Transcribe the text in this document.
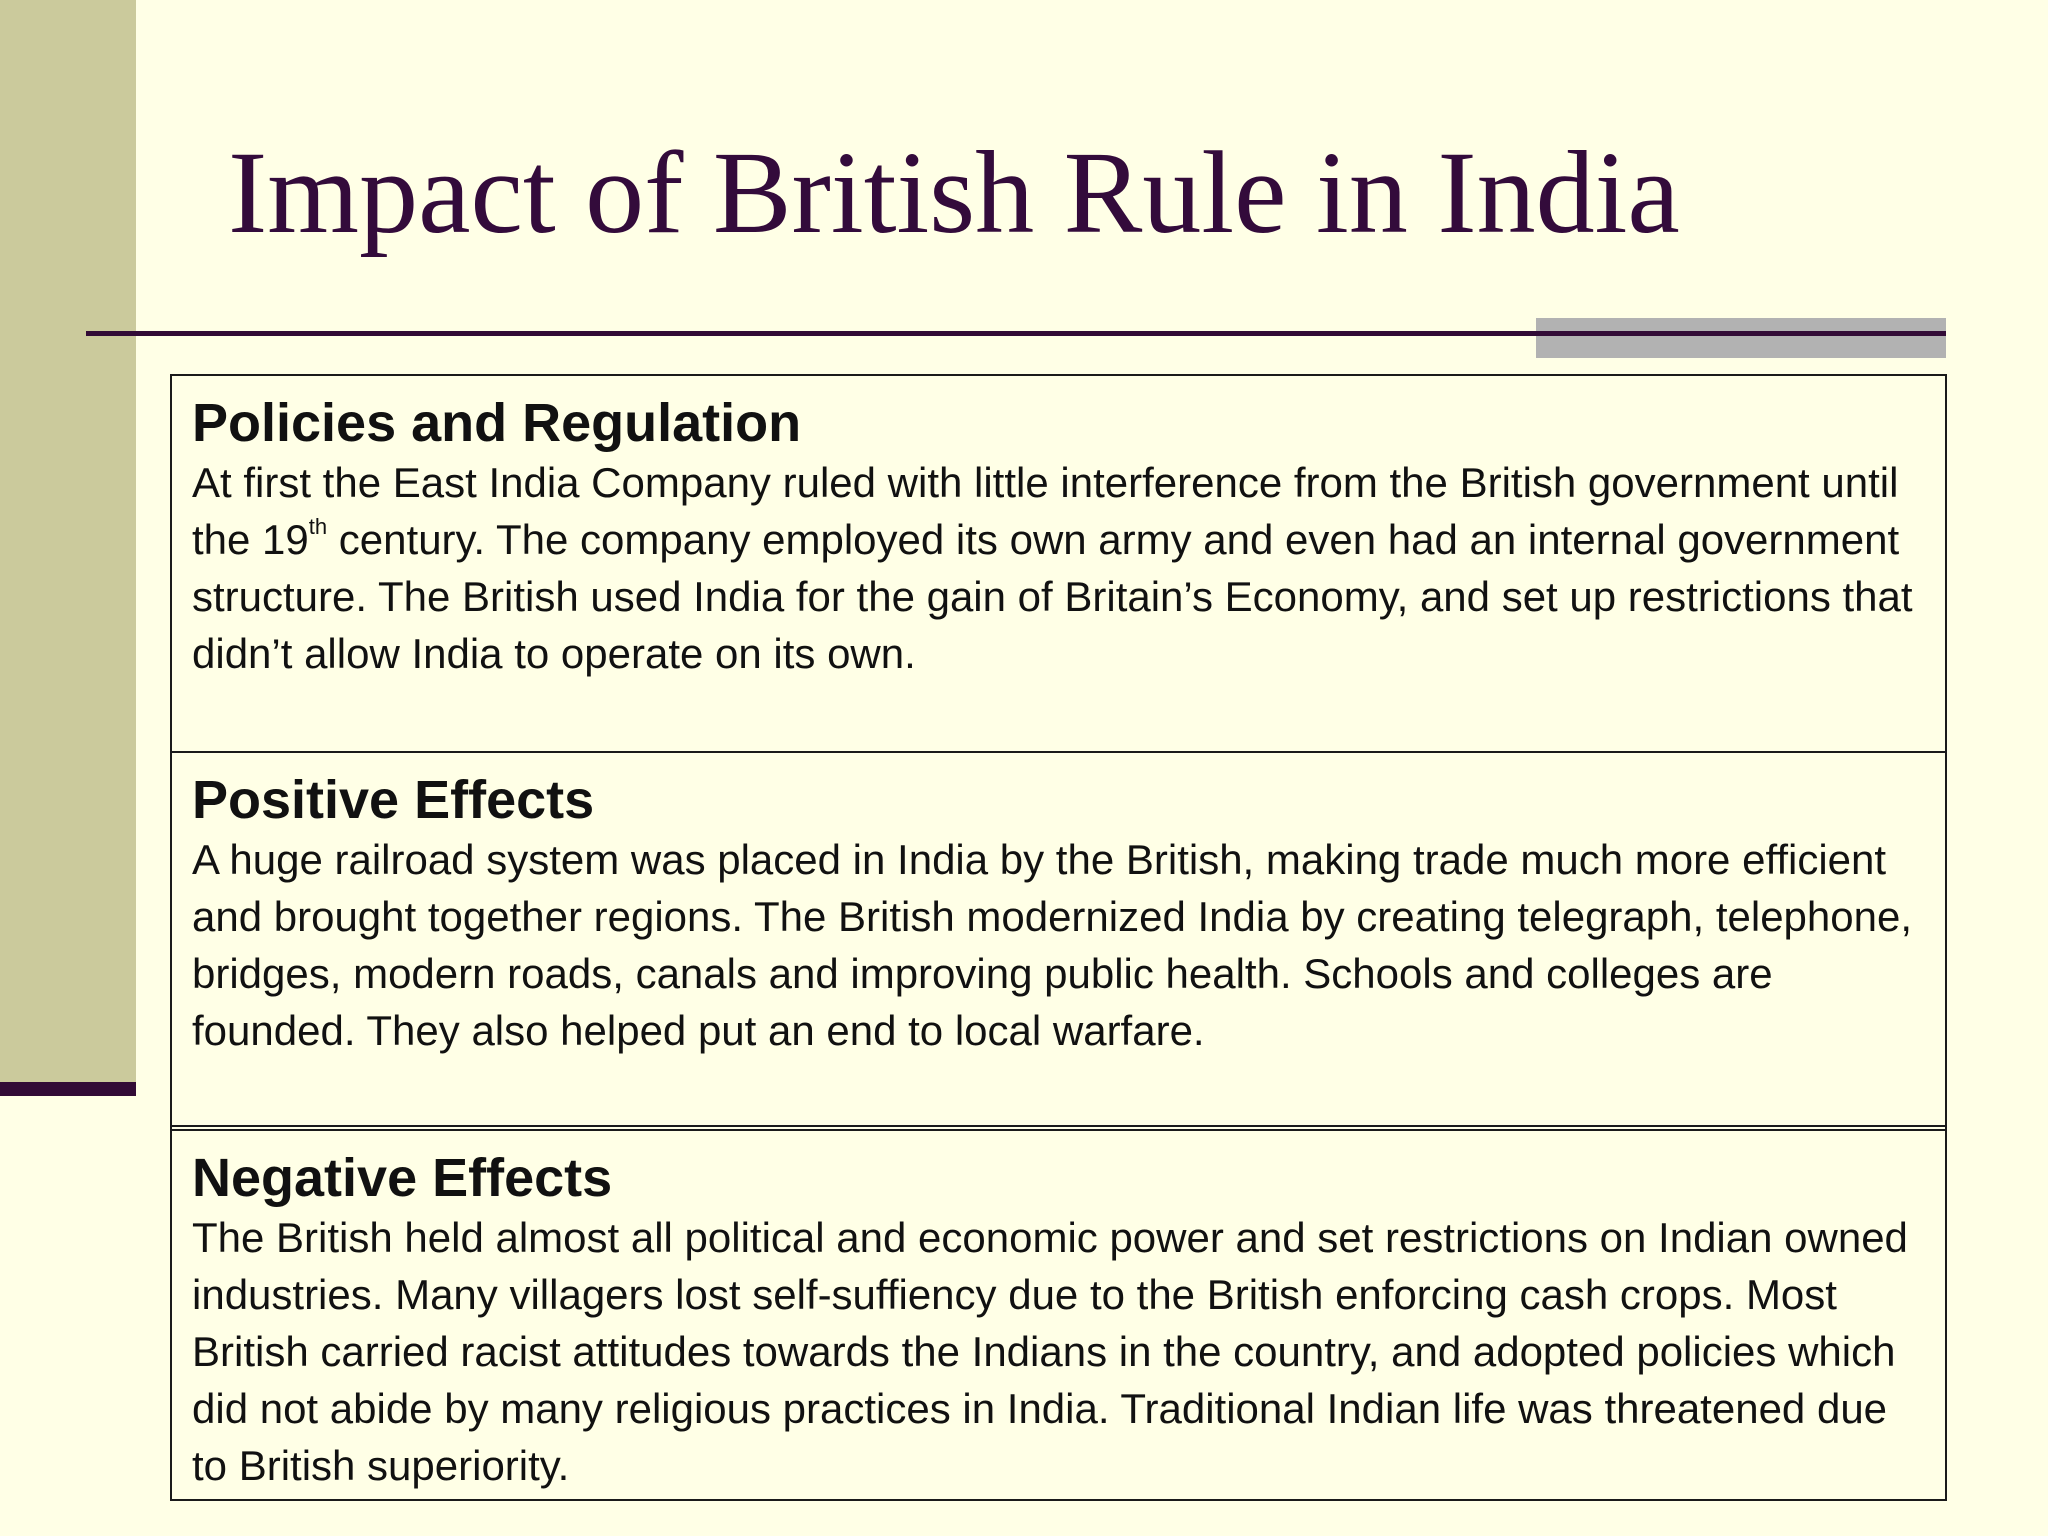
Impact of British Rule in India

Policies and Regulation

At first the East India Company ruled with little interference from the British government until the 19th century. The company employed its own army and even had an internal government structure. The British used India for the gain of Britain’s Economy, and set up restrictions that didn’t allow India to operate on its own.

Positive Effects

A huge railroad system was placed in India by the British, making trade much more efficient and brought together regions. The British modernized India by creating telegraph, telephone, bridges, modern roads, canals and improving public health. Schools and colleges are founded. They also helped put an end to local warfare.

Negative Effects

The British held almost all political and economic power and set restrictions on Indian owned industries. Many villagers lost self-suffiency due to the British enforcing cash crops. Most British carried racist attitudes towards the Indians in the country, and adopted policies which did not abide by many religious practices in India. Traditional Indian life was threatened due to British superiority.
